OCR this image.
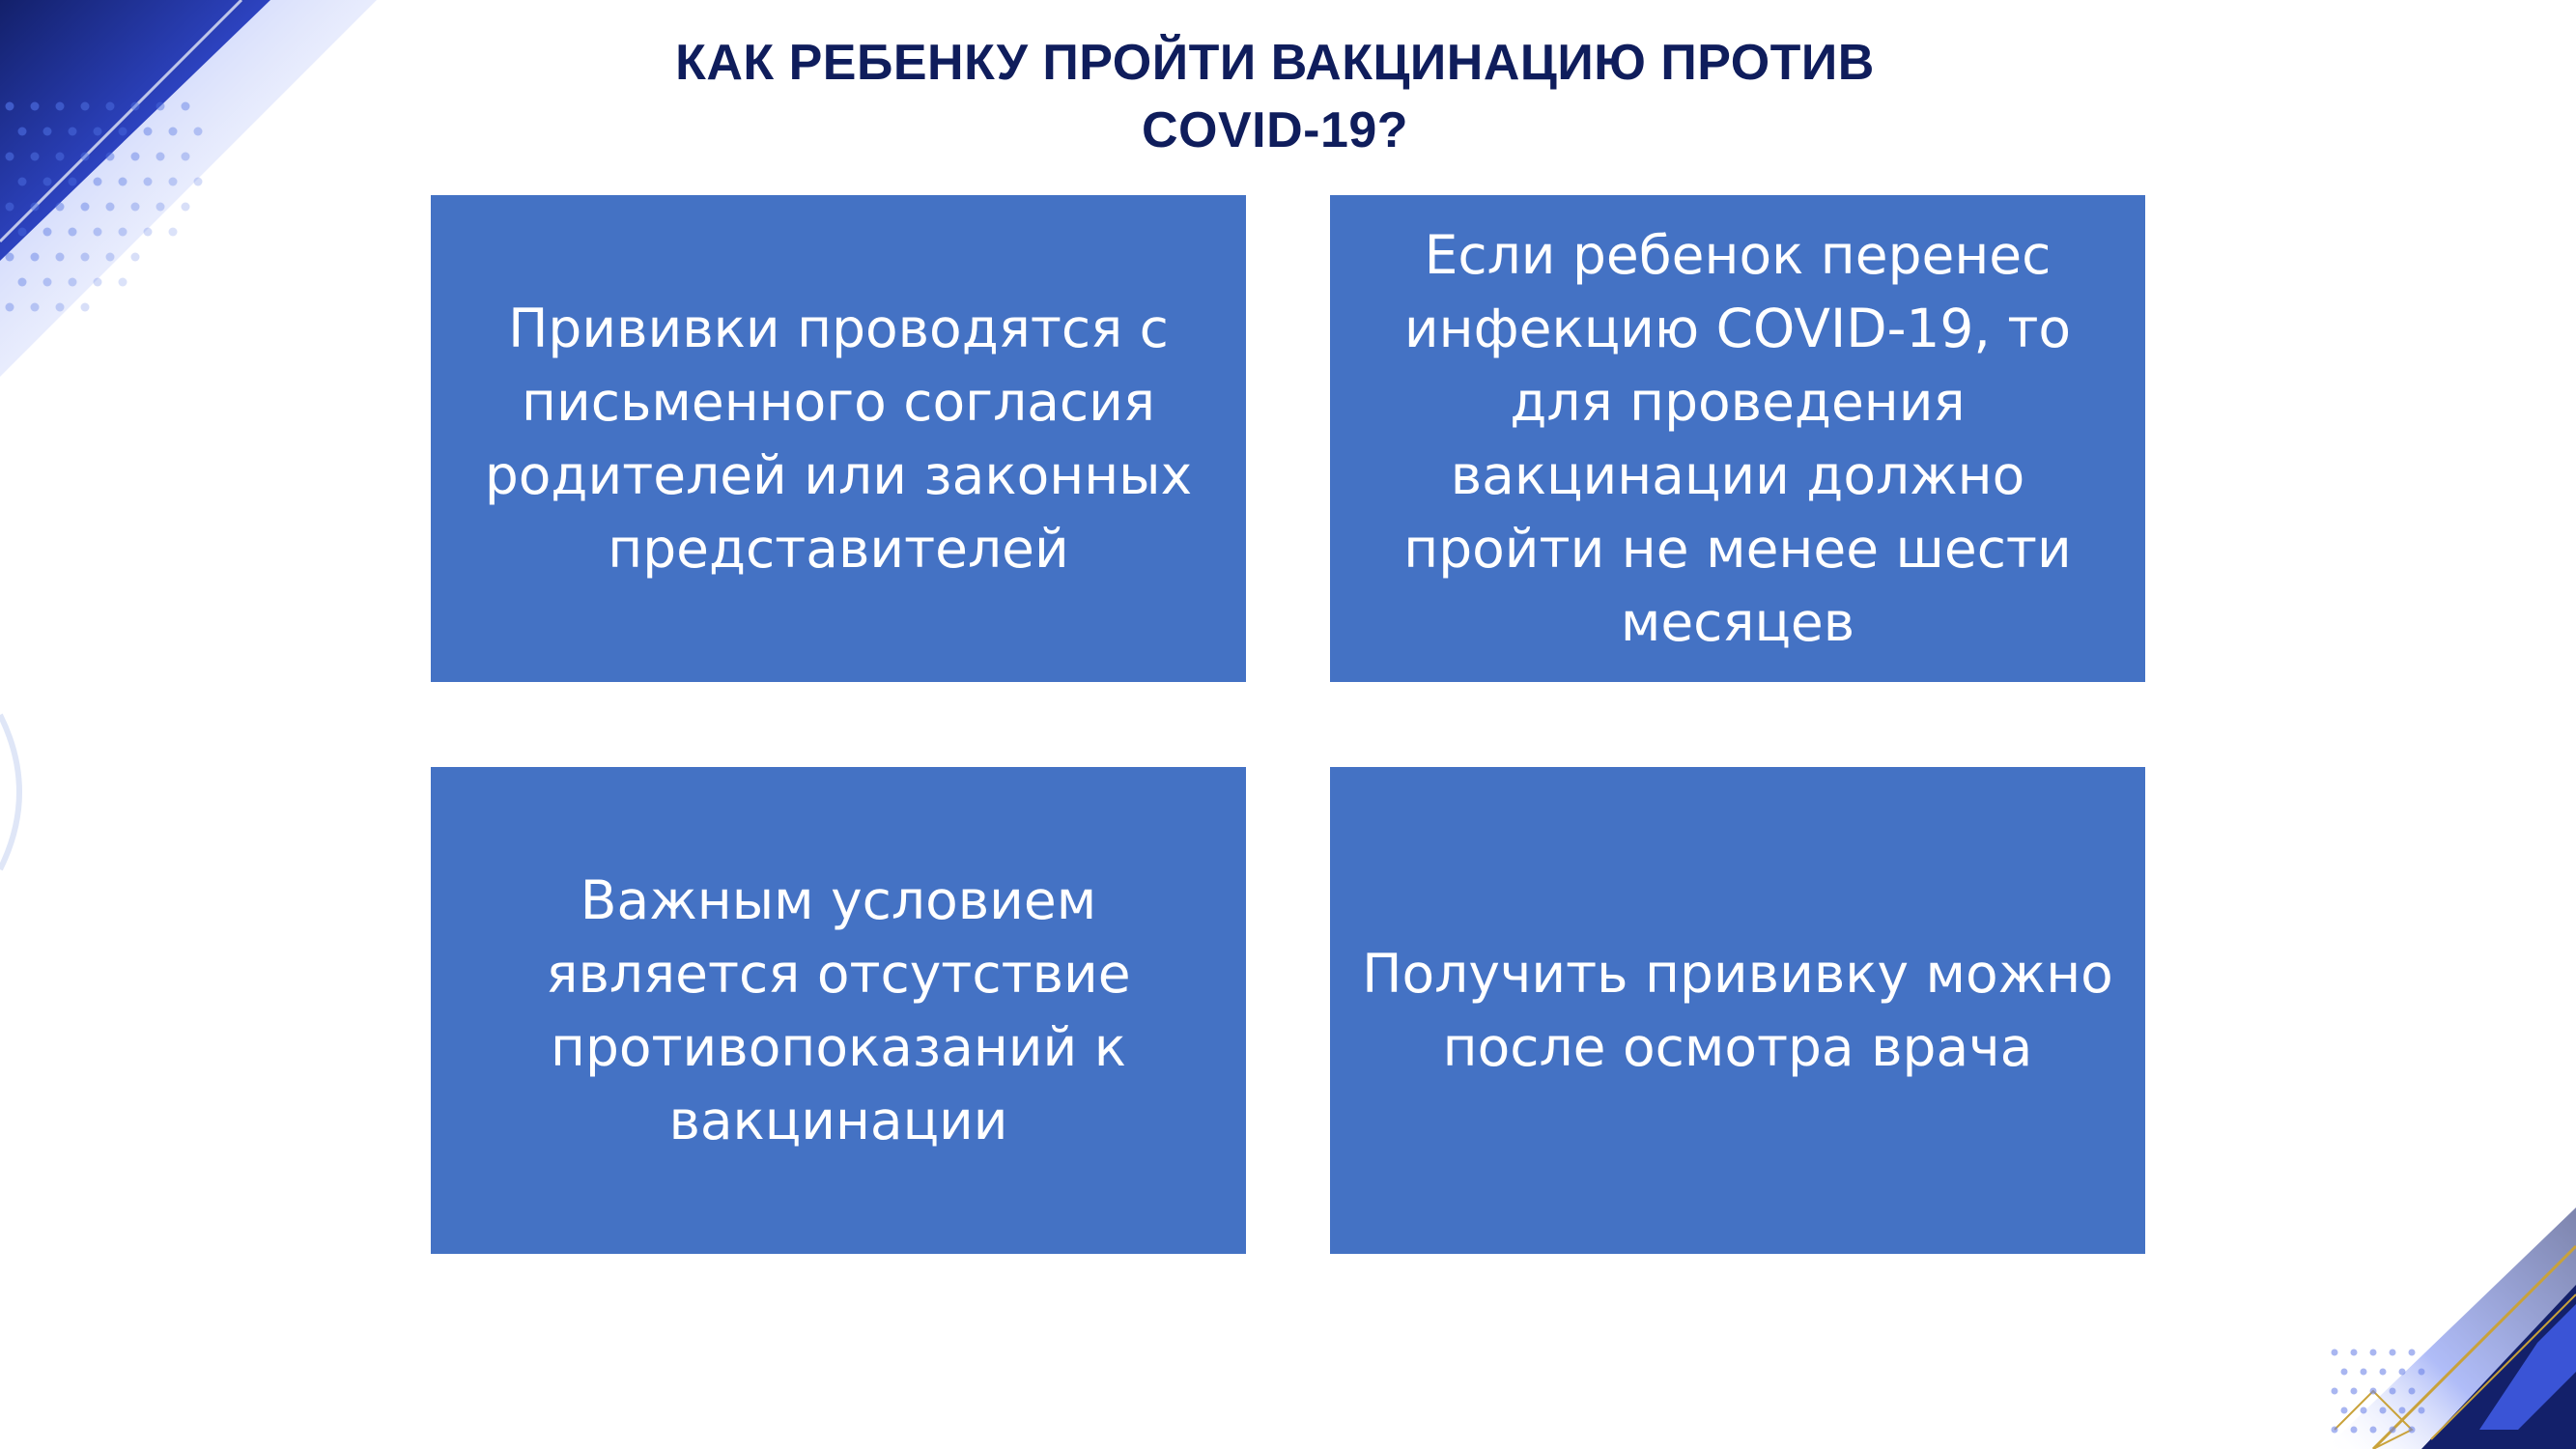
КАК РЕБЕНКУ ПРОЙТИ ВАКЦИНАЦИЮ ПРОТИВ
COVID-19?
Прививки проводятся с письменного согласия родителей или законных представителей
Если ребенок перенес инфекцию COVID-19, то для проведения вакцинации должно пройти не менее шести месяцев
Важным условием является отсутствие противопоказаний к вакцинации
Получить прививку можно после осмотра врача
